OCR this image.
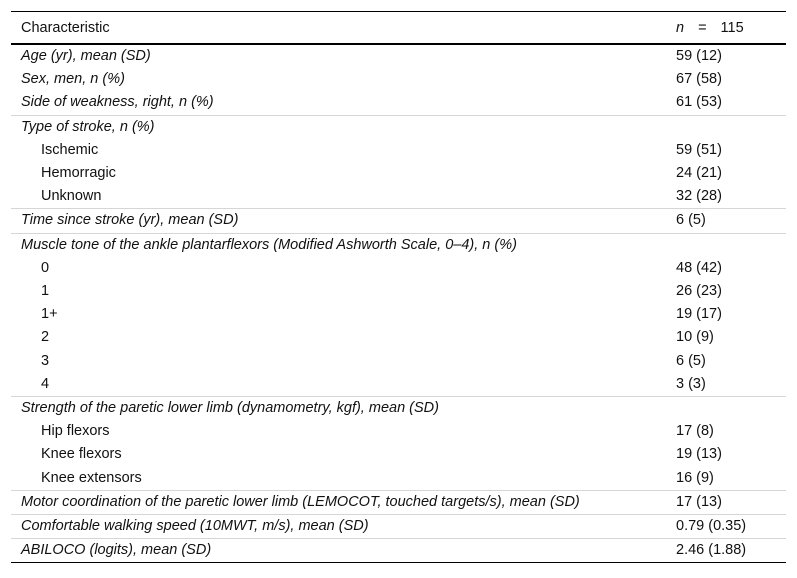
Characteristic	n = 115
Age (yr), mean (SD)	59 (12)
Sex, men, n (%)	67 (58)
Side of weakness, right, n (%)	61 (53)
Type of stroke, n (%)	
Ischemic	59 (51)
Hemorragic	24 (21)
Unknown	32 (28)
Time since stroke (yr), mean (SD)	6 (5)
Muscle tone of the ankle plantarflexors (Modified Ashworth Scale, 0–4), n (%)	
0	48 (42)
1	26 (23)
1+	19 (17)
2	10 (9)
3	6 (5)
4	3 (3)
Strength of the paretic lower limb (dynamometry, kgf), mean (SD)	
Hip flexors	17 (8)
Knee flexors	19 (13)
Knee extensors	16 (9)
Motor coordination of the paretic lower limb (LEMOCOT, touched targets/s), mean (SD)	17 (13)
Comfortable walking speed (10MWT, m/s), mean (SD)	0.79 (0.35)
ABILOCO (logits), mean (SD)	2.46 (1.88)
